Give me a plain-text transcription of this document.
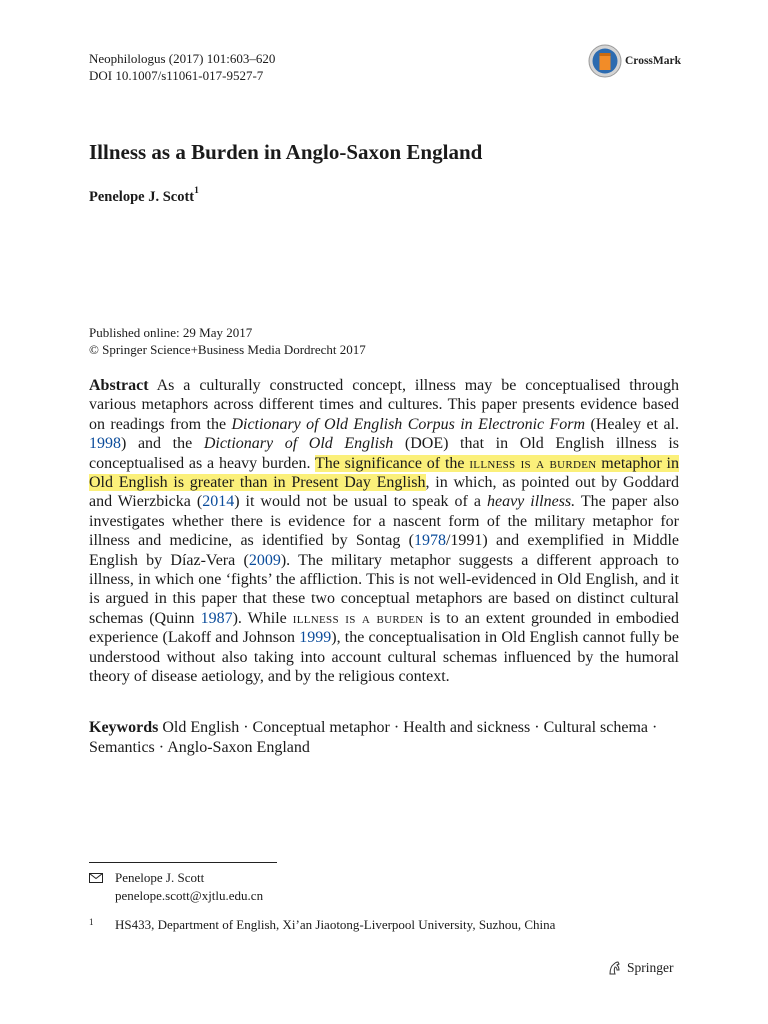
Neophilologus (2017) 101:603–620
DOI 10.1007/s11061-017-9527-7
CrossMark
Illness as a Burden in Anglo-Saxon England
Penelope J. Scott$^1$
Published online: 29 May 2017
© Springer Science+Business Media Dordrecht 2017
Abstract As a culturally constructed concept, illness may be conceptualised through various metaphors across different times and cultures. This paper presents evidence based on readings from the Dictionary of Old English Corpus in Electronic Form (Healey et al. 1998) and the Dictionary of Old English (DOE) that in Old English illness is conceptualised as a heavy burden. The significance of the illness is a burden metaphor in Old English is greater than in Present Day English, in which, as pointed out by Goddard and Wierzbicka (2014) it would not be usual to speak of a heavy illness. The paper also investigates whether there is evidence for a nascent form of the military metaphor for illness and medicine, as identified by Sontag (1978/1991) and exemplified in Middle English by Díaz-Vera (2009). The military metaphor suggests a different approach to illness, in which one ‘fights’ the affliction. This is not well-evidenced in Old English, and it is argued in this paper that these two conceptual metaphors are based on distinct cultural schemas (Quinn 1987). While illness is a burden is to an extent grounded in embodied experience (Lakoff and Johnson 1999), the conceptualisation in Old English cannot fully be understood without also taking into account cultural schemas influenced by the humoral theory of disease aetiology, and by the religious context.
Keywords Old English · Conceptual metaphor · Health and sickness · Cultural schema · Semantics · Anglo-Saxon England
Penelope J. Scott
penelope.scott@xjtlu.edu.cn
1	HS433, Department of English, Xi’an Jiaotong-Liverpool University, Suzhou, China
Springer
